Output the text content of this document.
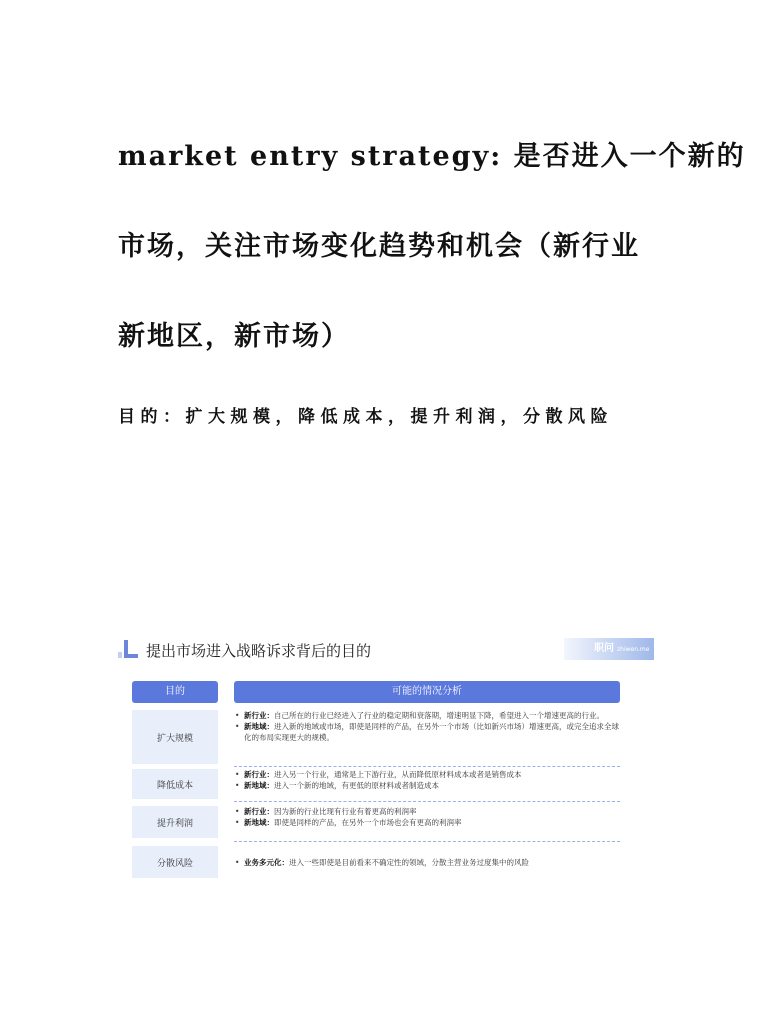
market entry strategy: 是否进入一个新的
市场，关注市场变化趋势和机会（新行业
新地区，新市场）

目的：扩大规模，降低成本，提升利润，分散风险

提出市场进入战略诉求背后的目的	职问 zhiwen.me
目的	可能的情况分析
扩大规模
• 新行业：自己所在的行业已经进入了行业的稳定期和衰落期，增速明显下降，希望进入一个增速更高的行业。
• 新地域：进入新的地域或市场，即使是同样的产品，在另外一个市场（比如新兴市场）增速更高，或完全追求全球化的布局实现更大的规模。
降低成本
• 新行业：进入另一个行业，通常是上下游行业，从而降低原材料成本或者是销售成本
• 新地域：进入一个新的地域，有更低的原材料或者制造成本
提升利润
• 新行业：因为新的行业比现有行业有着更高的利润率
• 新地域：即使是同样的产品，在另外一个市场也会有更高的利润率
分散风险
•	业务多元化：进入一些即使是目前看来不确定性的领域，分散主营业务过度集中的风险
